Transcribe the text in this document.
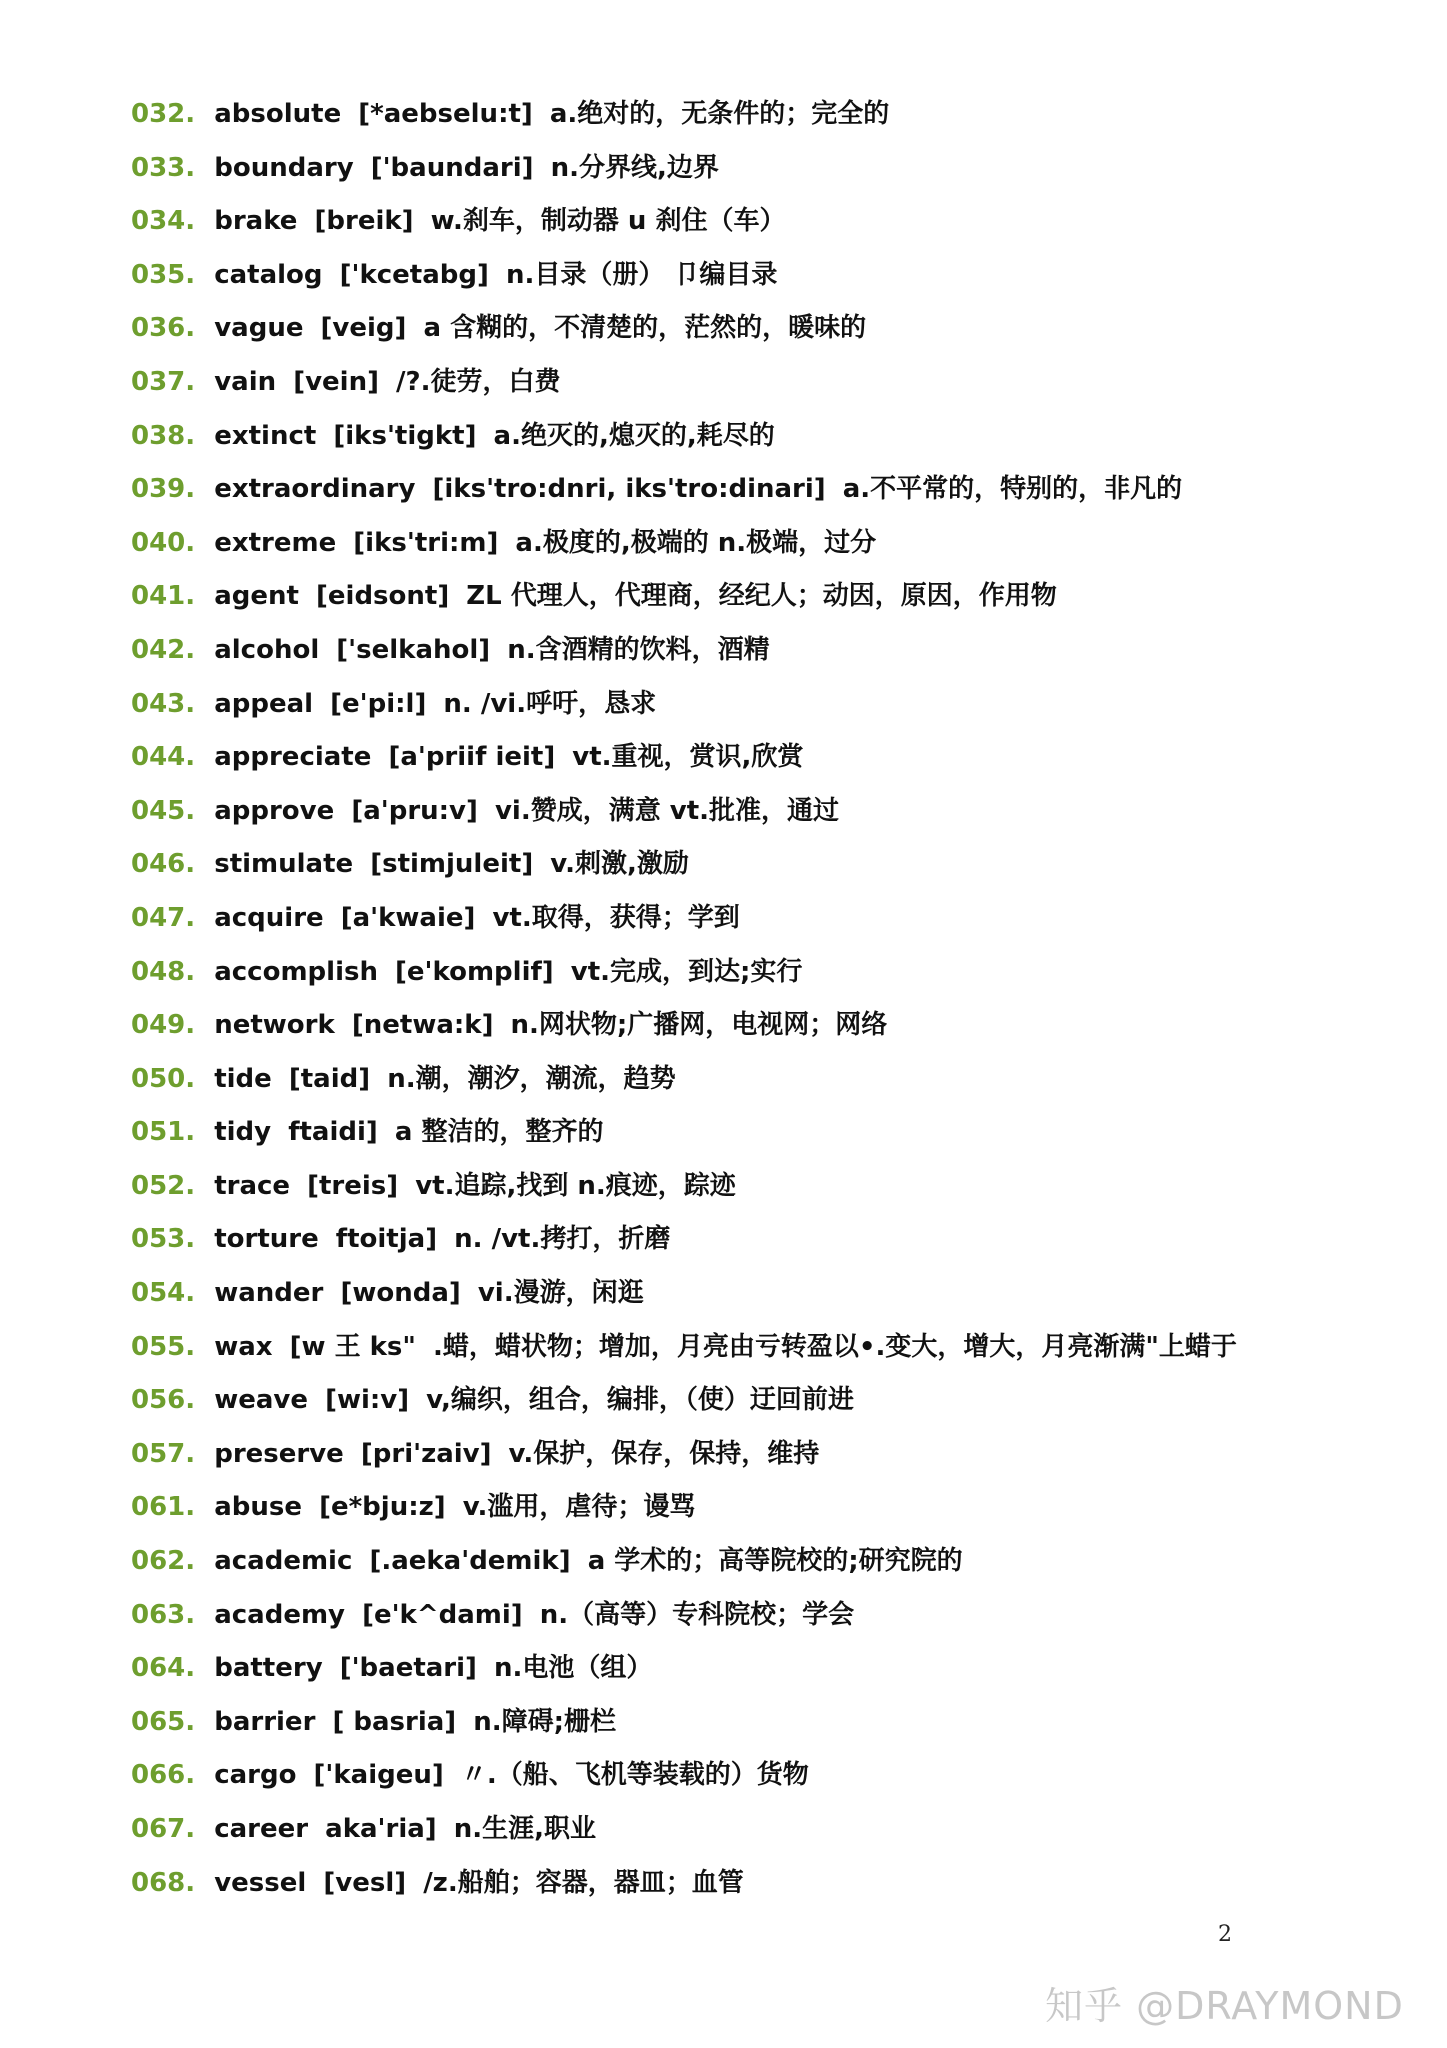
032. absolute [*aebselu:t] a.绝对的，无条件的；完全的
033. boundary ['baundari] n.分界线,边界
034. brake [breik] w.刹车，制动器 u 刹住（车）
035. catalog ['kcetabg] n.目录（册） 卩编目录
036. vague [veig] a 含糊的，不清楚的，茫然的，暖味的
037. vain [vein] /?.徒劳，白费
038. extinct [iks'tigkt] a.绝灭的,熄灭的,耗尽的
039. extraordinary [iks'tro:dnri, iks'tro:dinari] a.不平常的，特别的，非凡的
040. extreme [iks'tri:m] a.极度的,极端的 n.极端，过分
041. agent [eidsont] ZL 代理人，代理商，经纪人；动因，原因，作用物
042. alcohol ['selkahol] n.含酒精的饮料，酒精
043. appeal [e'pi:l] n. /vi.呼吁，恳求
044. appreciate [a'priif ieit] vt.重视，赏识,欣赏
045. approve [a'pru:v] vi.赞成，满意 vt.批准，通过
046. stimulate [stimjuleit] v.刺激,激励
047. acquire [a'kwaie] vt.取得，获得；学到
048. accomplish [e'komplif] vt.完成，到达;实行
049. network [netwa:k] n.网状物;广播网，电视网；网络
050. tide [taid] n.潮，潮汐，潮流，趋势
051. tidy ftaidi] a 整洁的，整齐的
052. trace [treis] vt.追踪,找到 n.痕迹，踪迹
053. torture ftoitja] n. /vt.拷打，折磨
054. wander [wonda] vi.漫游，闲逛
055. wax [w 王 ks" .蜡，蜡状物；增加，月亮由亏转盈以•.变大，增大，月亮渐满"上蜡于
056. weave [wi:v] v,编织，组合，编排，（使）迂回前进
057. preserve [pri'zaiv] v.保护，保存，保持，维持
061. abuse [e*bju:z] v.滥用，虐待；谩骂
062. academic [.aeka'demik] a 学术的；高等院校的;研究院的
063. academy [e'k^dami] n.（高等）专科院校；学会
064. battery ['baetari] n.电池（组）
065. barrier [ basria] n.障碍;栅栏
066. cargo ['kaigeu] 〃.（船、飞机等装载的）货物
067. career aka'ria] n.生涯,职业
068. vessel [vesl] /z.船舶；容器，器皿；血管
2
知乎 @DRAYMOND
